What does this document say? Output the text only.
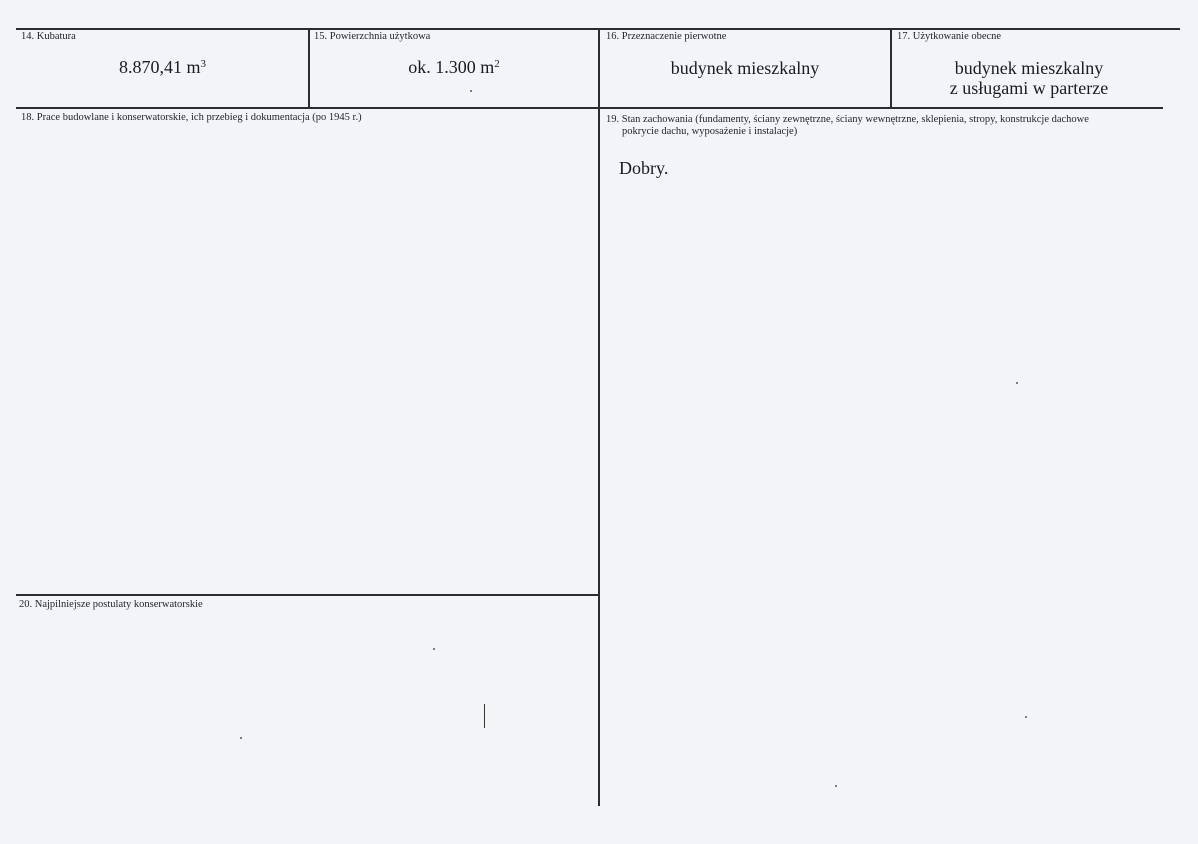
14. Kubatura
8.870,41 $m^3$
15. Powierzchnia użytkowa
ok. 1.300 $m^2$
16. Przeznaczenie pierwotne
budynek mieszkalny
17. Użytkowanie obecne
budynek mieszkalny
z usługami w parterze
18. Prace budowlane i konserwatorskie, ich przebieg i dokumentacja (po 1945 r.)	19. Stan zachowania (fundamenty, ściany zewnętrzne, ściany wewnętrzne, sklepienia, stropy, konstrukcje dachowe
pokrycie dachu, wyposażenie i instalacje)
Dobry.
20. Najpilniejsze postulaty konserwatorskie
